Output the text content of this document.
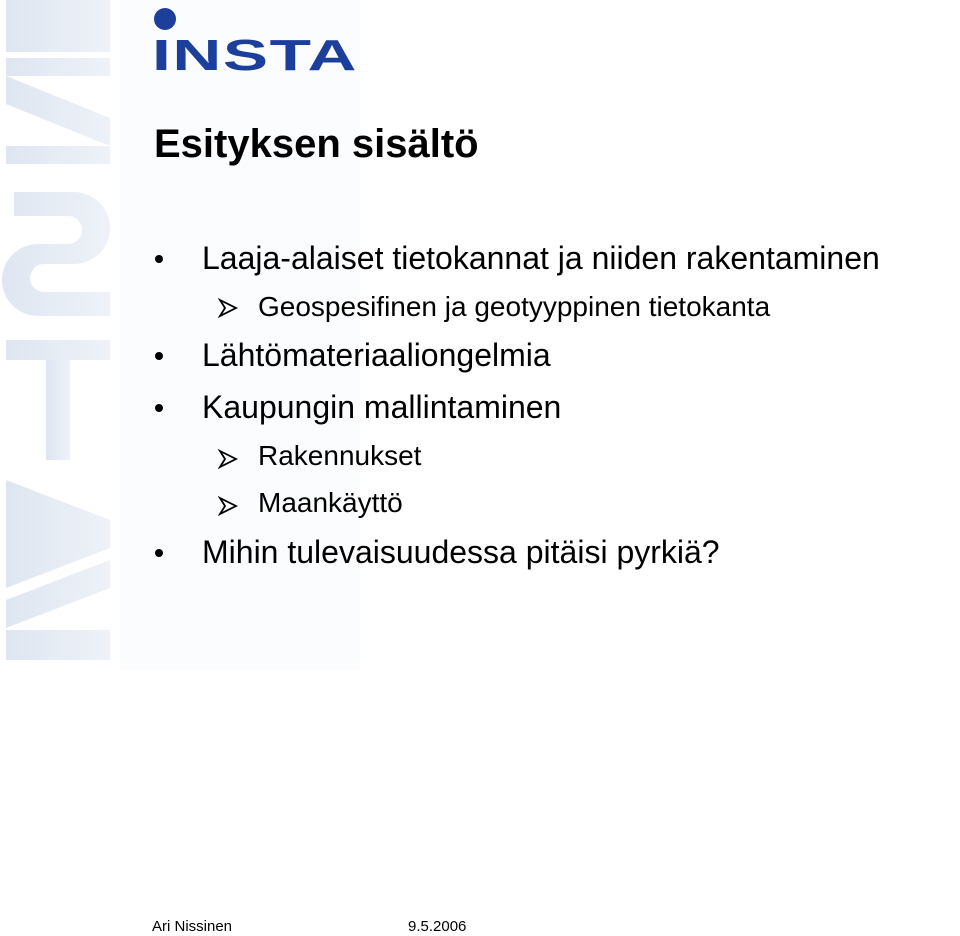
INSTA
Esityksen sisältö
Laaja-alaiset tietokannat ja niiden rakentaminen
Geospesifinen ja geotyyppinen tietokanta
Lähtömateriaaliongelmia
Kaupungin mallintaminen
Rakennukset
Maankäyttö
Mihin tulevaisuudessa pitäisi pyrkiä?
Ari Nissinen	9.5.2006
